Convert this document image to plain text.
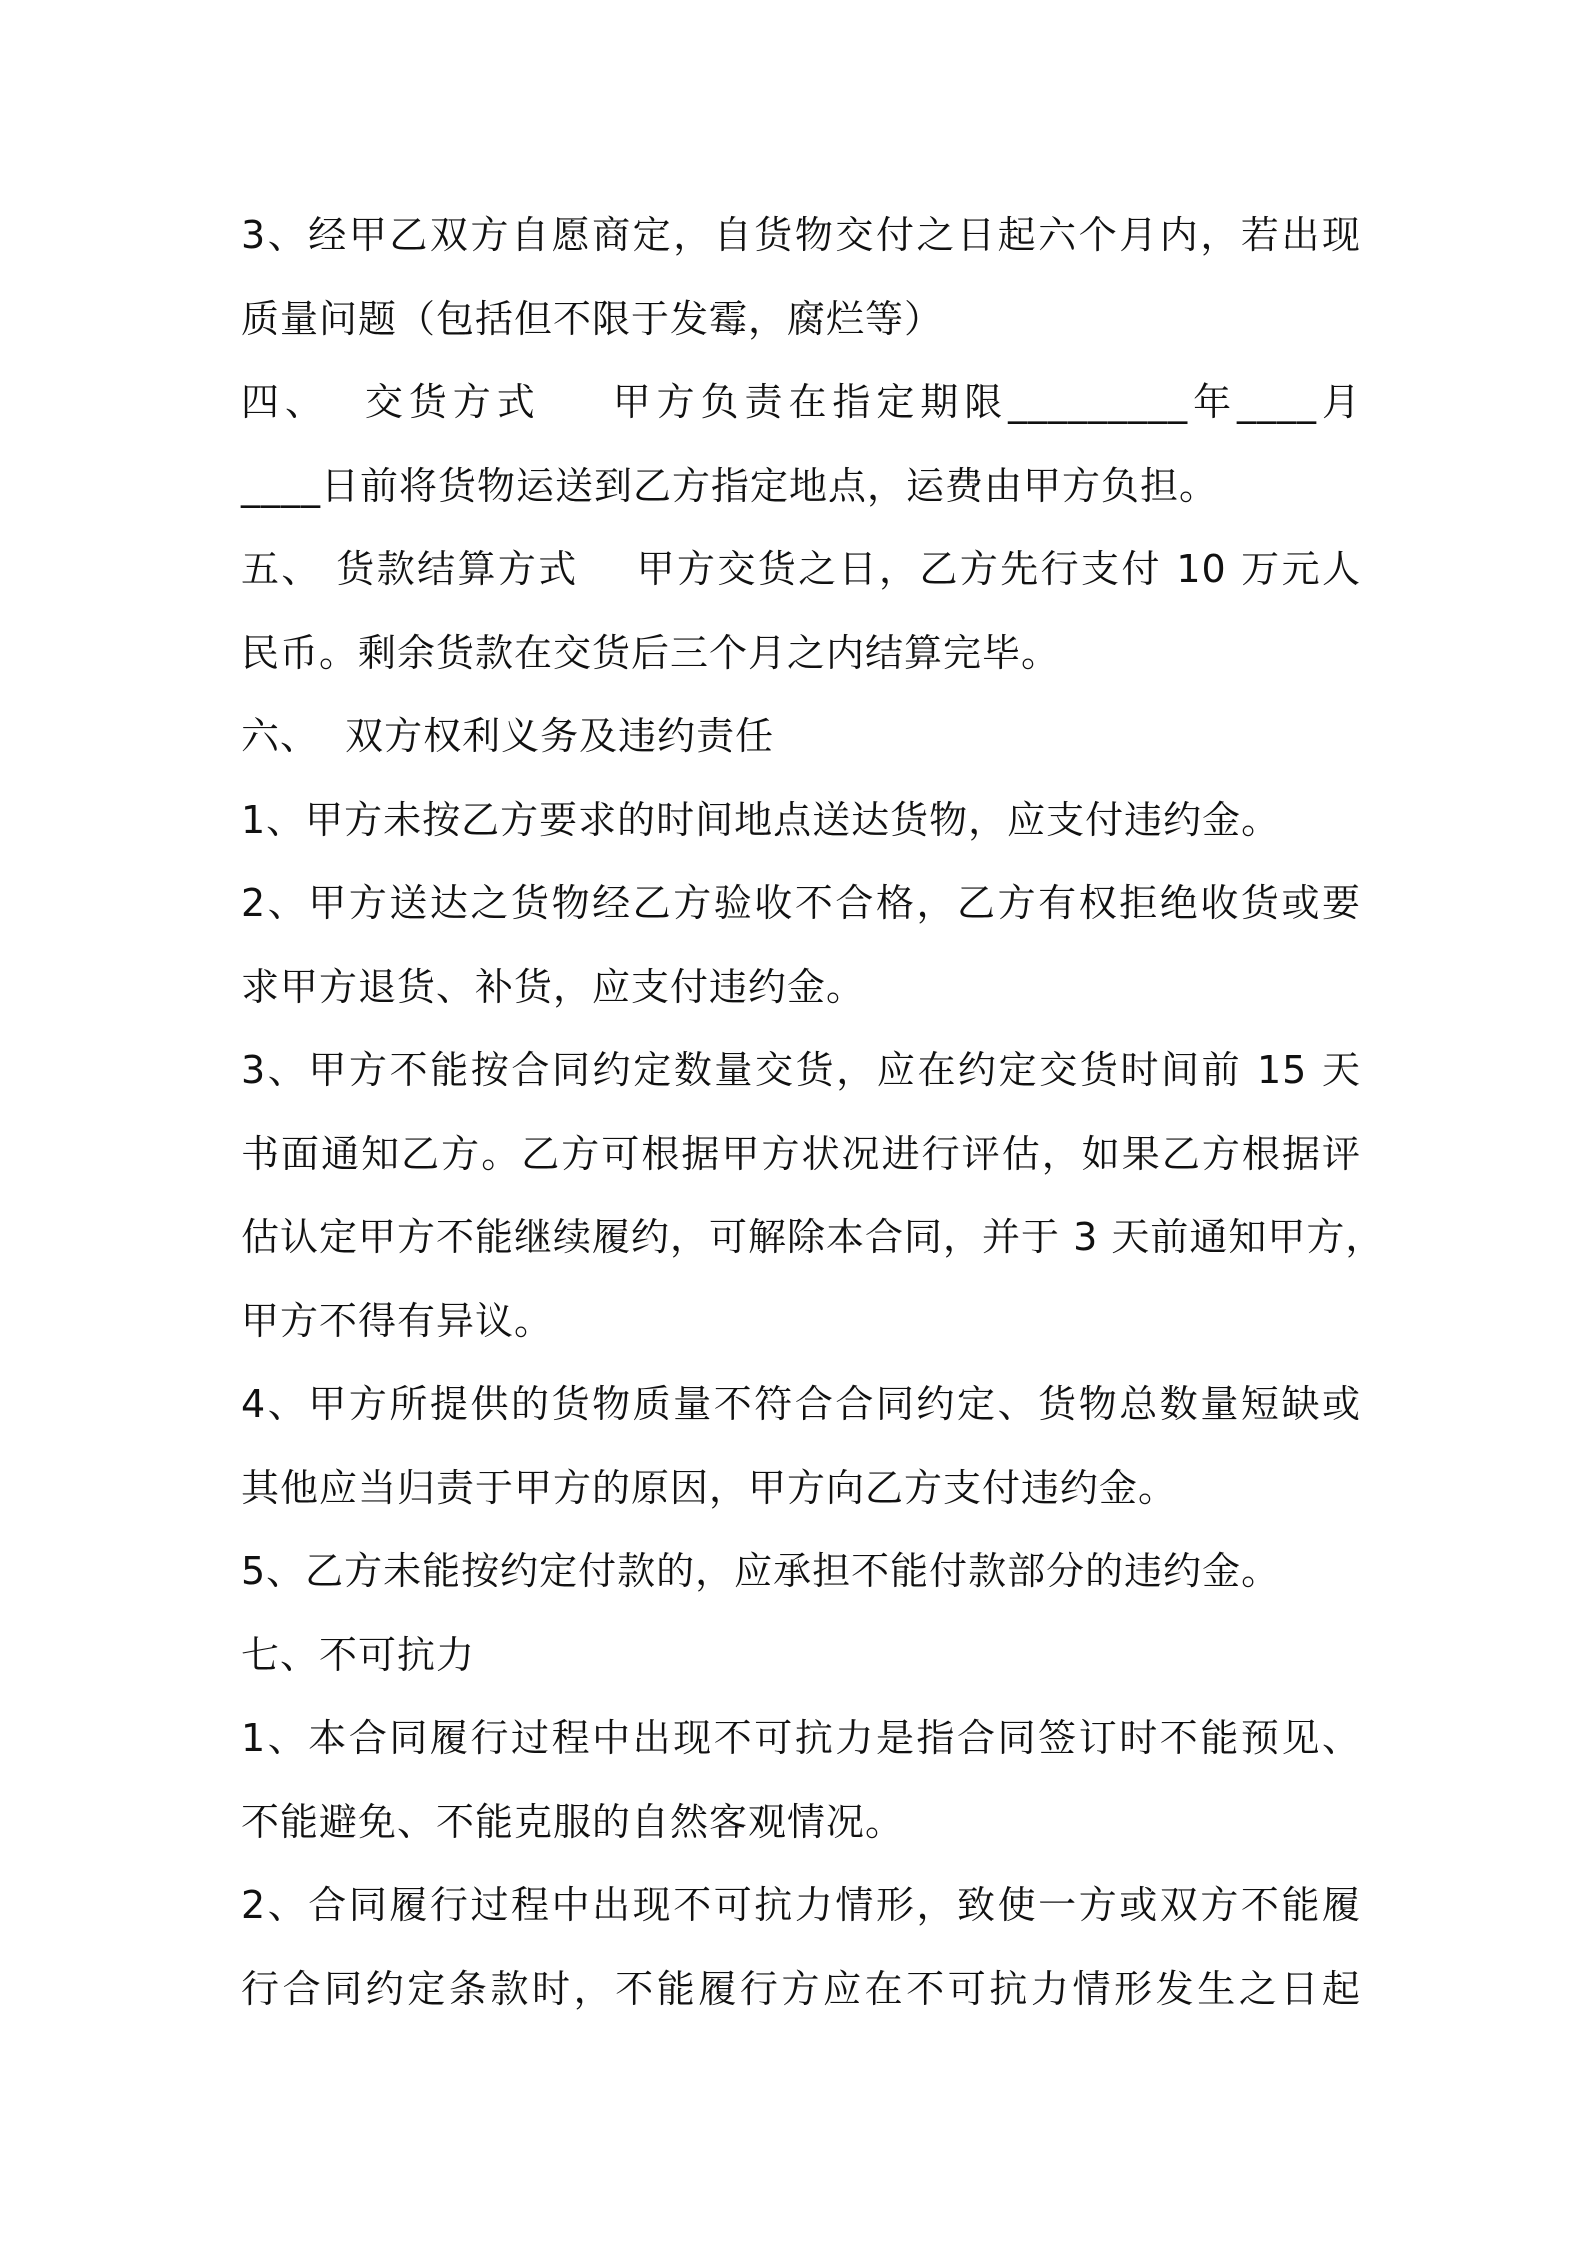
3、经甲乙双方自愿商定，自货物交付之日起六个月内，若出现

质量问题（包括但不限于发霉，腐烂等）

四、  交货方式    甲方负责在指定期限_________年____月

____日前将货物运送到乙方指定地点，运费由甲方负担。

五、 货款结算方式    甲方交货之日，乙方先行支付 10 万元人

民币。剩余货款在交货后三个月之内结算完毕。

六、  双方权利义务及违约责任

1、甲方未按乙方要求的时间地点送达货物，应支付违约金。

2、甲方送达之货物经乙方验收不合格，乙方有权拒绝收货或要

求甲方退货、补货，应支付违约金。

3、甲方不能按合同约定数量交货，应在约定交货时间前 15 天

书面通知乙方。乙方可根据甲方状况进行评估，如果乙方根据评

估认定甲方不能继续履约，可解除本合同，并于 3 天前通知甲方，

甲方不得有异议。

4、甲方所提供的货物质量不符合合同约定、货物总数量短缺或

其他应当归责于甲方的原因，甲方向乙方支付违约金。

5、乙方未能按约定付款的，应承担不能付款部分的违约金。

七、不可抗力

1、本合同履行过程中出现不可抗力是指合同签订时不能预见、

不能避免、不能克服的自然客观情况。

2、合同履行过程中出现不可抗力情形，致使一方或双方不能履

行合同约定条款时，不能履行方应在不可抗力情形发生之日起
